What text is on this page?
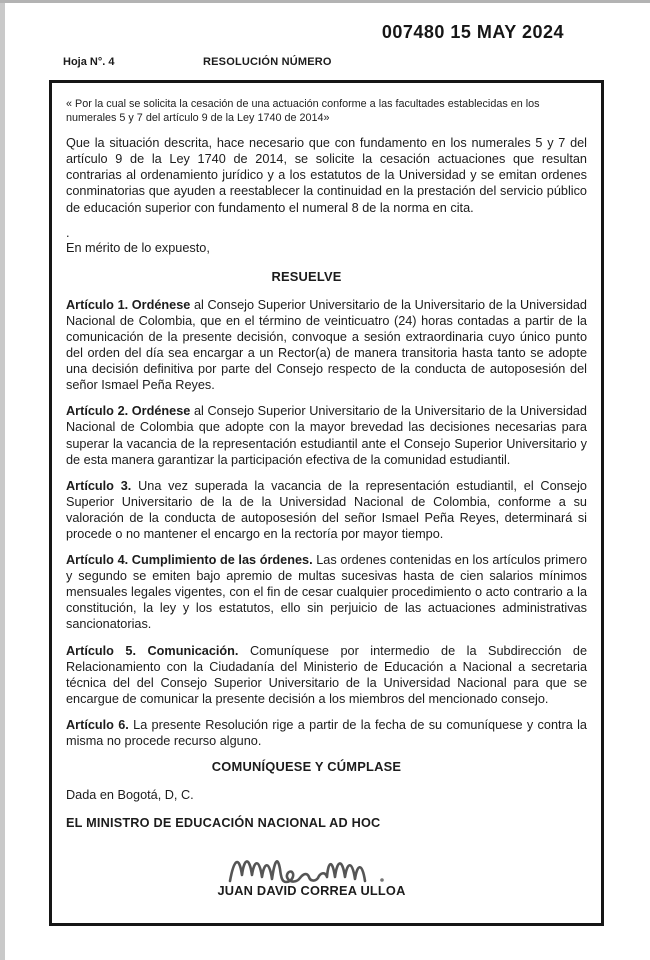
007480 15 MAY 2024
Hoja N°. 4	RESOLUCIÓN NÚMERO

« Por la cual se solicita la cesación de una actuación conforme a las facultades establecidas en los numerales 5 y 7 del artículo 9 de la Ley 1740 de 2014»

Que la situación descrita, hace necesario que con fundamento en los numerales 5 y 7 del artículo 9 de la Ley 1740 de 2014, se solicite la cesación actuaciones que resultan contrarias al ordenamiento jurídico y a los estatutos de la Universidad y se emitan ordenes conminatorias que ayuden a reestablecer la continuidad en la prestación del servicio público de educación superior con fundamento el numeral 8 de la norma en cita.

.

En mérito de lo expuesto,

RESUELVE

Artículo 1. Ordénese al Consejo Superior Universitario de la Universitario de la Universidad Nacional de Colombia, que en el término de veinticuatro (24) horas contadas a partir de la comunicación de la presente decisión, convoque a sesión extraordinaria cuyo único punto del orden del día sea encargar a un Rector(a) de manera transitoria hasta tanto se adopte una decisión definitiva por parte del Consejo respecto de la conducta de autoposesión del señor Ismael Peña Reyes.

Artículo 2. Ordénese al Consejo Superior Universitario de la Universitario de la Universidad Nacional de Colombia que adopte con la mayor brevedad las decisiones necesarias para superar la vacancia de la representación estudiantil ante el Consejo Superior Universitario y de esta manera garantizar la participación efectiva de la comunidad estudiantil.

Artículo 3. Una vez superada la vacancia de la representación estudiantil, el Consejo Superior Universitario de la de la Universidad Nacional de Colombia, conforme a su valoración de la conducta de autoposesión del señor Ismael Peña Reyes, determinará si procede o no mantener el encargo en la rectoría por mayor tiempo.

Artículo 4. Cumplimiento de las órdenes. Las ordenes contenidas en los artículos primero y segundo se emiten bajo apremio de multas sucesivas hasta de cien salarios mínimos mensuales legales vigentes, con el fin de cesar cualquier procedimiento o acto contrario a la constitución, la ley y los estatutos, ello sin perjuicio de las actuaciones administrativas sancionatorias.

Artículo 5. Comunicación. Comuníquese por intermedio de la Subdirección de Relacionamiento con la Ciudadanía del Ministerio de Educación a Nacional a secretaria técnica del del Consejo Superior Universitario de la Universidad Nacional para que se encargue de comunicar la presente decisión a los miembros del mencionado consejo.

Artículo 6. La presente Resolución rige a partir de la fecha de su comuníquese y contra la misma no procede recurso alguno.

COMUNÍQUESE Y CÚMPLASE

Dada en Bogotá, D, C.

EL MINISTRO DE EDUCACIÓN NACIONAL AD HOC

JUAN DAVID CORREA ULLOA
